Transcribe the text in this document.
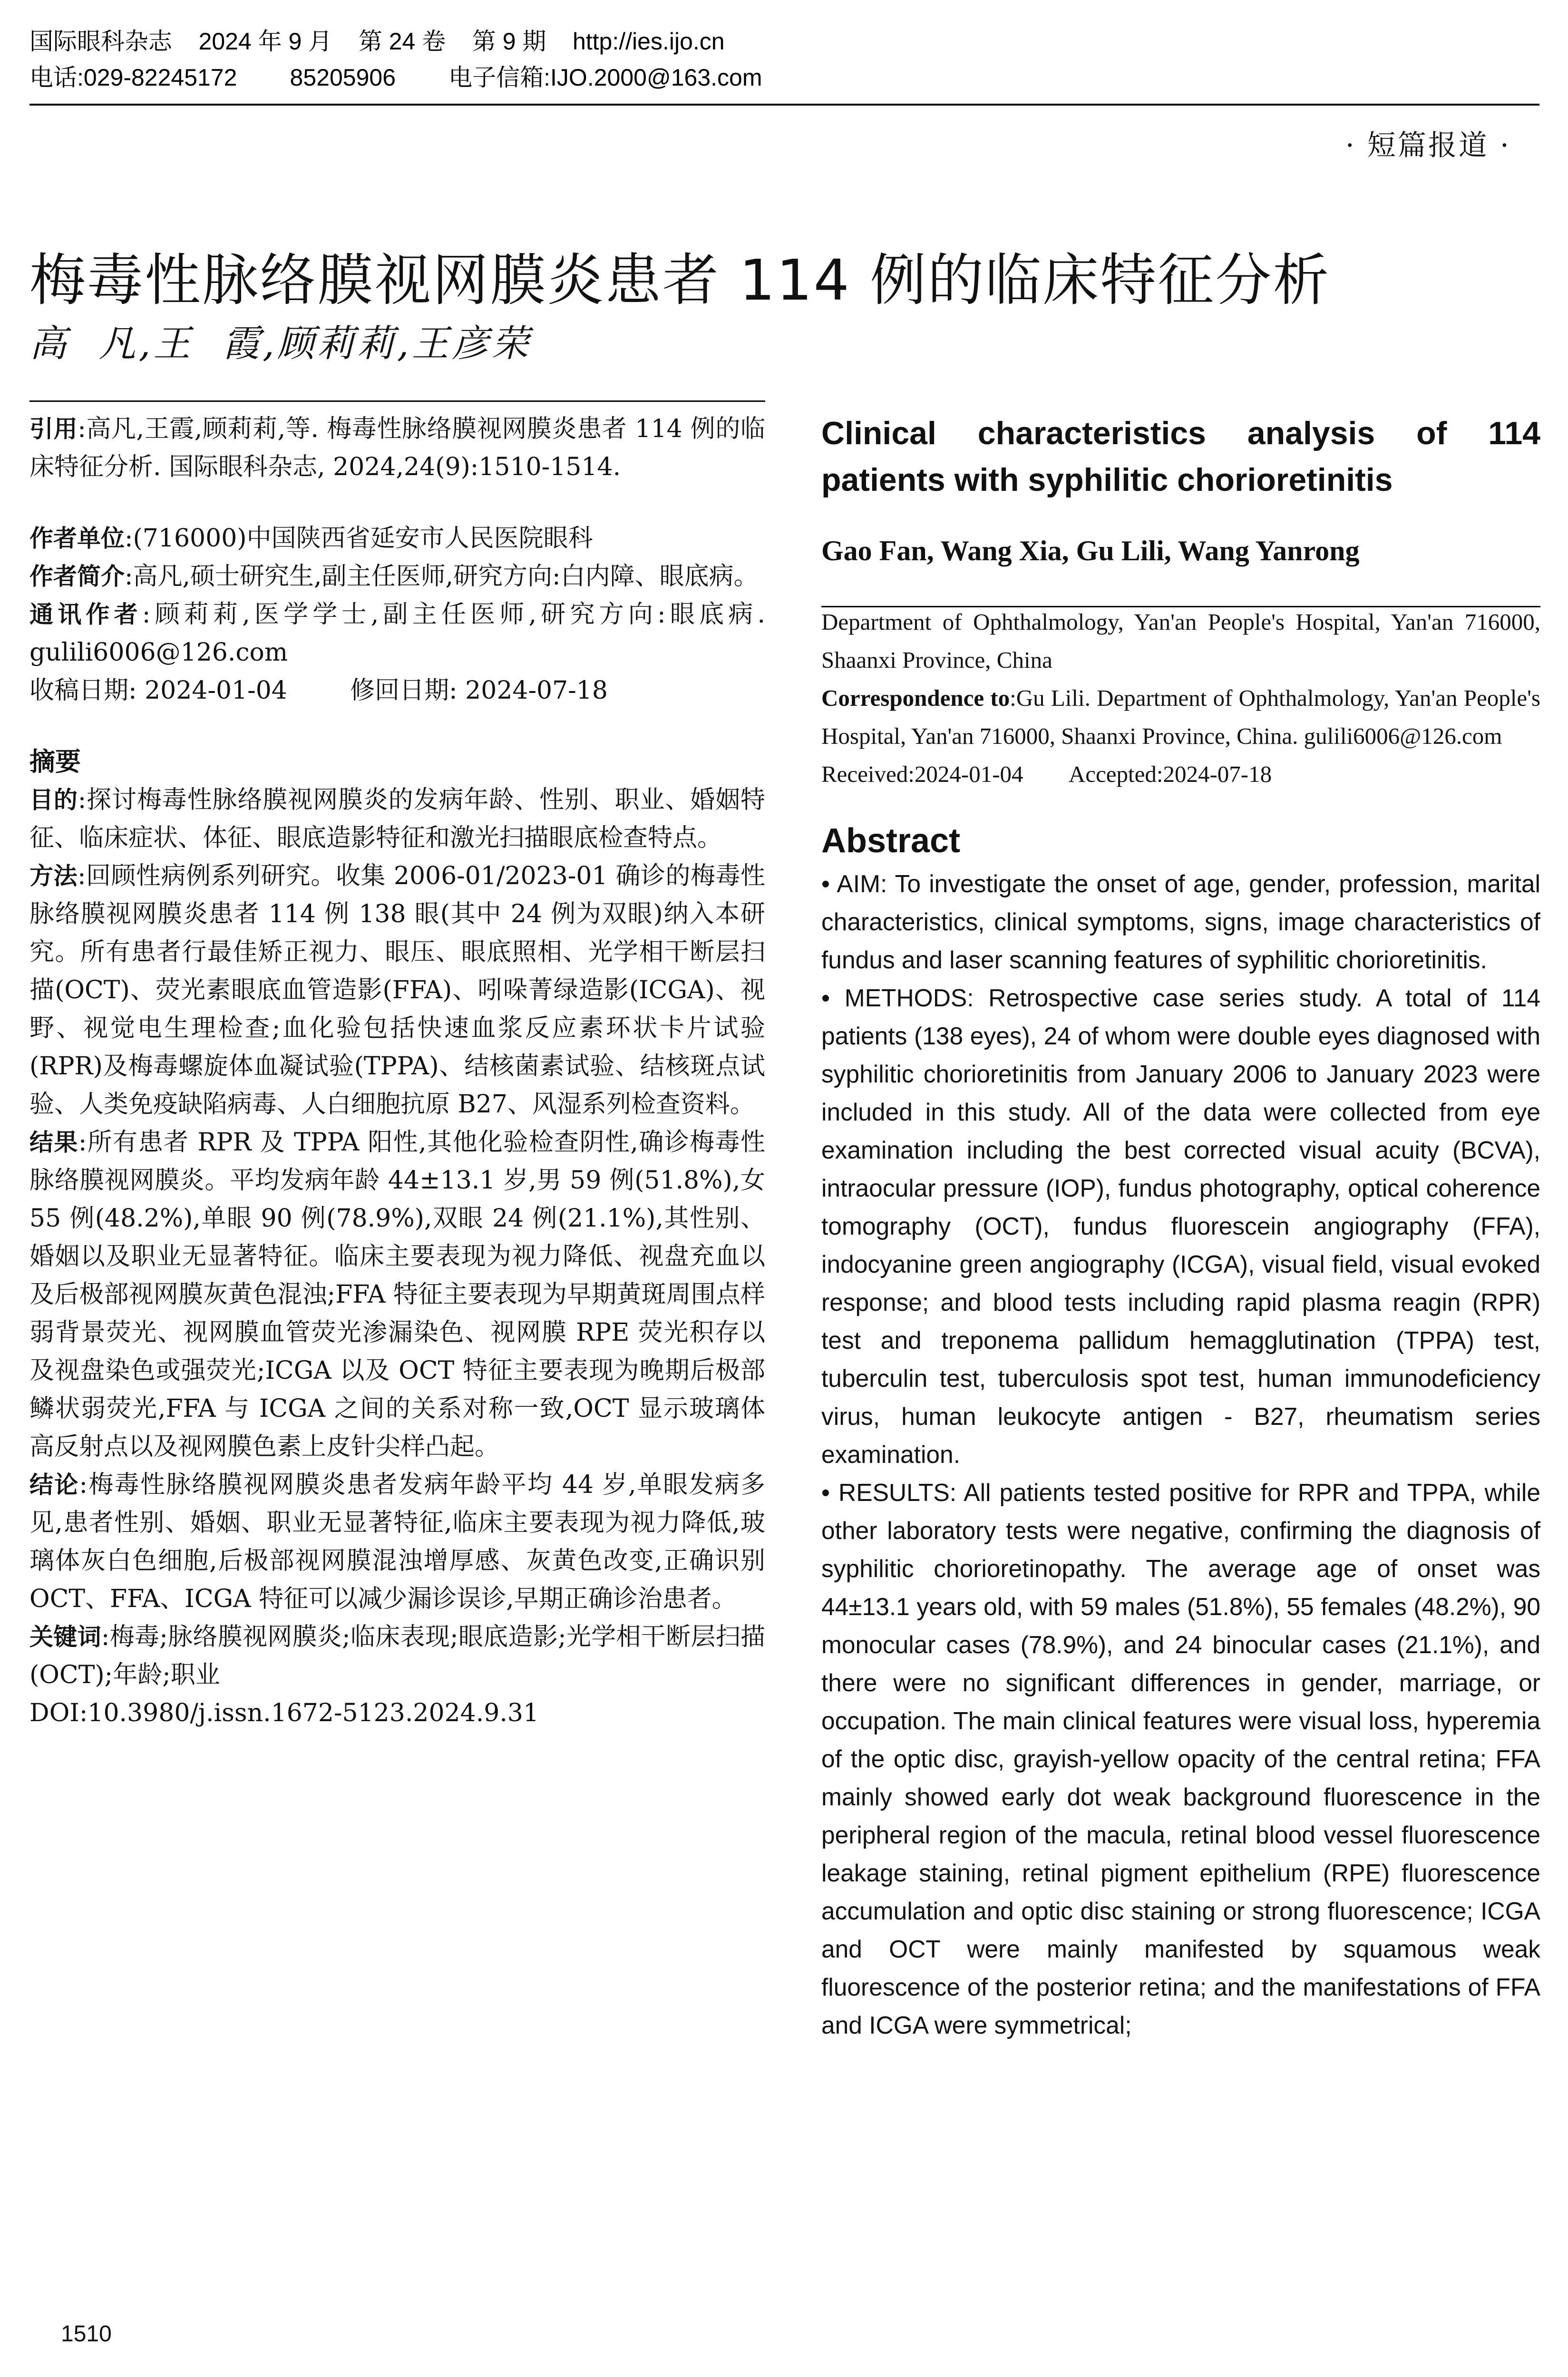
国际眼科杂志    2024 年 9 月    第 24 卷    第 9 期    http://ies.ijo.cn
电话:029-82245172        85205906        电子信箱:IJO.2000@163.com
· 短篇报道 ·
梅毒性脉络膜视网膜炎患者 114 例的临床特征分析
高  凡,王  霞,顾莉莉,王彦荣

引用:高凡,王霞,顾莉莉,等. 梅毒性脉络膜视网膜炎患者 114 例的临床特征分析. 国际眼科杂志, 2024,24(9):1510-1514.

作者单位:(716000)中国陕西省延安市人民医院眼科

作者简介:高凡,硕士研究生,副主任医师,研究方向:白内障、眼底病。

通讯作者:顾莉莉,医学学士,副主任医师,研究方向:眼底病. gulili6006@126.com

收稿日期: 2024-01-04        修回日期: 2024-07-18

摘要

目的:探讨梅毒性脉络膜视网膜炎的发病年龄、性别、职业、婚姻特征、临床症状、体征、眼底造影特征和激光扫描眼底检查特点。

方法:回顾性病例系列研究。收集 2006-01/2023-01 确诊的梅毒性脉络膜视网膜炎患者 114 例 138 眼(其中 24 例为双眼)纳入本研究。所有患者行最佳矫正视力、眼压、眼底照相、光学相干断层扫描(OCT)、荧光素眼底血管造影(FFA)、吲哚菁绿造影(ICGA)、视野、视觉电生理检查;血化验包括快速血浆反应素环状卡片试验(RPR)及梅毒螺旋体血凝试验(TPPA)、结核菌素试验、结核斑点试验、人类免疫缺陷病毒、人白细胞抗原 B27、风湿系列检查资料。

结果:所有患者 RPR 及 TPPA 阳性,其他化验检查阴性,确诊梅毒性脉络膜视网膜炎。平均发病年龄 44±13.1 岁,男 59 例(51.8%),女 55 例(48.2%),单眼 90 例(78.9%),双眼 24 例(21.1%),其性别、婚姻以及职业无显著特征。临床主要表现为视力降低、视盘充血以及后极部视网膜灰黄色混浊;FFA 特征主要表现为早期黄斑周围点样弱背景荧光、视网膜血管荧光渗漏染色、视网膜 RPE 荧光积存以及视盘染色或强荧光;ICGA 以及 OCT 特征主要表现为晚期后极部鳞状弱荧光,FFA 与 ICGA 之间的关系对称一致,OCT 显示玻璃体高反射点以及视网膜色素上皮针尖样凸起。

结论:梅毒性脉络膜视网膜炎患者发病年龄平均 44 岁,单眼发病多见,患者性别、婚姻、职业无显著特征,临床主要表现为视力降低,玻璃体灰白色细胞,后极部视网膜混浊增厚感、灰黄色改变,正确识别 OCT、FFA、ICGA 特征可以减少漏诊误诊,早期正确诊治患者。

关键词:梅毒;脉络膜视网膜炎;临床表现;眼底造影;光学相干断层扫描(OCT);年龄;职业

DOI:10.3980/j.issn.1672-5123.2024.9.31

Clinical characteristics analysis of 114 patients with syphilitic chorioretinitis

Gao Fan, Wang Xia, Gu Lili, Wang Yanrong

Department of Ophthalmology, Yan'an People's Hospital, Yan'an 716000, Shaanxi Province, China

Correspondence to:Gu Lili. Department of Ophthalmology, Yan'an People's Hospital, Yan'an 716000, Shaanxi Province, China. gulili6006@126.com

Received:2024-01-04        Accepted:2024-07-18

Abstract

• AIM: To investigate the onset of age, gender, profession, marital characteristics, clinical symptoms, signs, image characteristics of fundus and laser scanning features of syphilitic chorioretinitis.

• METHODS: Retrospective case series study. A total of 114 patients (138 eyes), 24 of whom were double eyes diagnosed with syphilitic chorioretinitis from January 2006 to January 2023 were included in this study. All of the data were collected from eye examination including the best corrected visual acuity (BCVA), intraocular pressure (IOP), fundus photography, optical coherence tomography (OCT), fundus fluorescein angiography (FFA), indocyanine green angiography (ICGA), visual field, visual evoked response; and blood tests including rapid plasma reagin (RPR) test and treponema pallidum hemagglutination (TPPA) test, tuberculin test, tuberculosis spot test, human immunodeficiency virus, human leukocyte antigen - B27, rheumatism series examination.

• RESULTS: All patients tested positive for RPR and TPPA, while other laboratory tests were negative, confirming the diagnosis of syphilitic chorioretinopathy. The average age of onset was 44±13.1 years old, with 59 males (51.8%), 55 females (48.2%), 90 monocular cases (78.9%), and 24 binocular cases (21.1%), and there were no significant differences in gender, marriage, or occupation. The main clinical features were visual loss, hyperemia of the optic disc, grayish-yellow opacity of the central retina; FFA mainly showed early dot weak background fluorescence in the peripheral region of the macula, retinal blood vessel fluorescence leakage staining, retinal pigment epithelium (RPE) fluorescence accumulation and optic disc staining or strong fluorescence; ICGA and OCT were mainly manifested by squamous weak fluorescence of the posterior retina; and the manifestations of FFA and ICGA were symmetrical;

1510
